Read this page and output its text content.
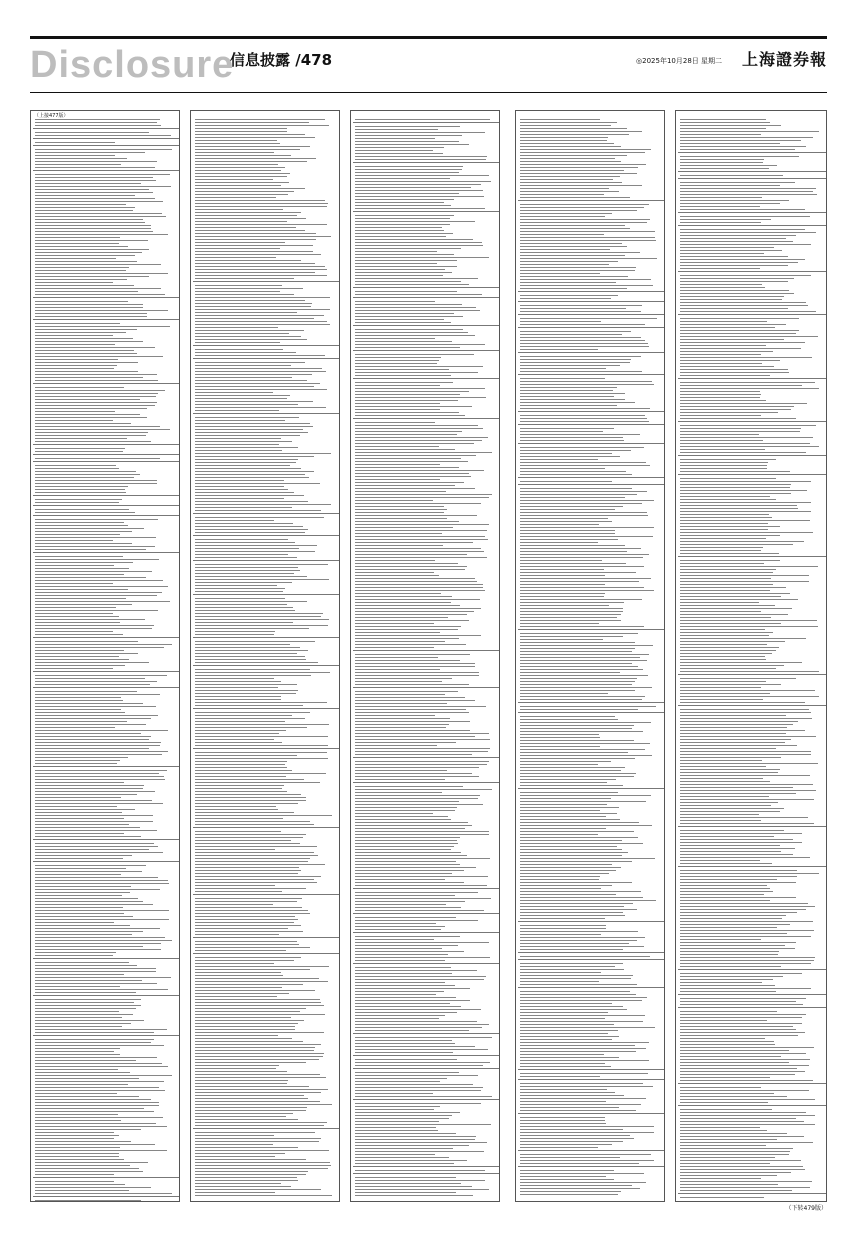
Disclosure
信息披露 /478	◎2025年10月28日 星期二 上海證券報
（上接477版）
（下转479版）
